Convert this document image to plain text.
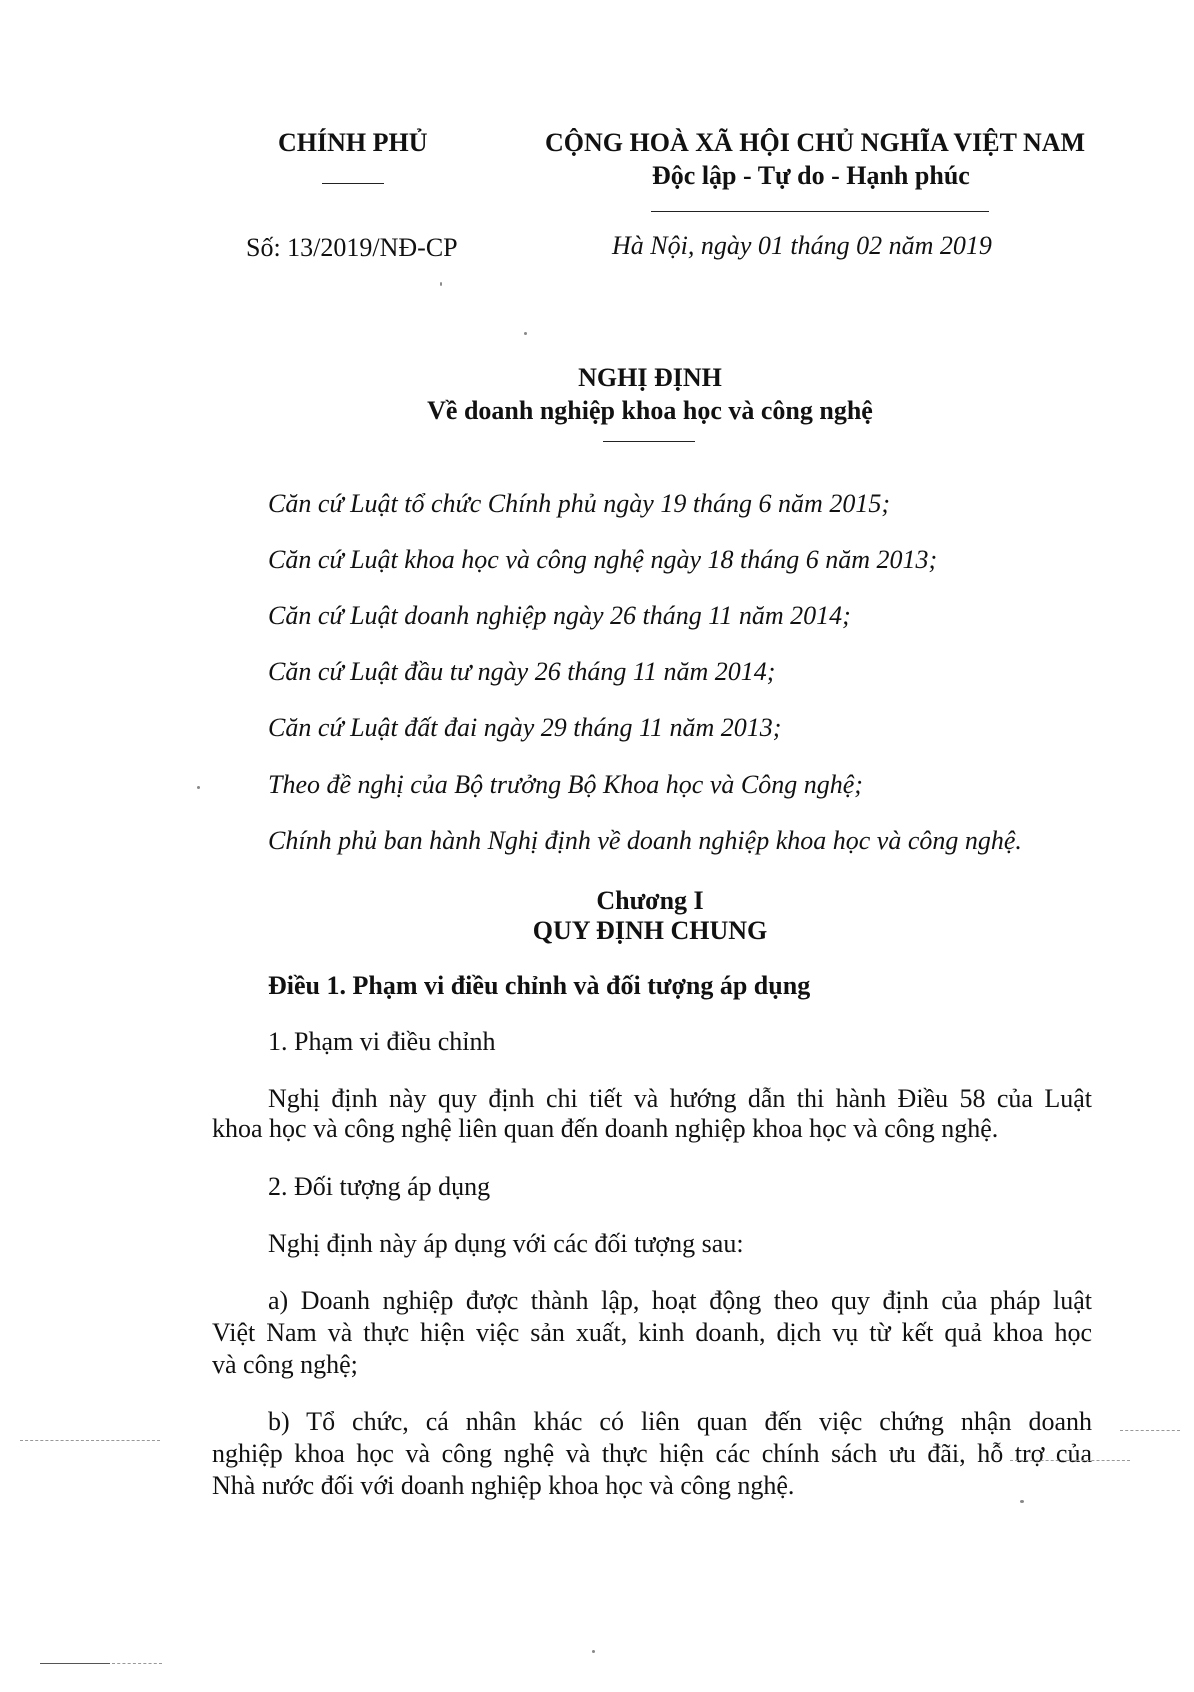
CHÍNH PHỦ	CỘNG HOÀ XÃ HỘI CHỦ NGHĨA VIỆT NAM
Độc lập - Tự do - Hạnh phúc
Số: 13/2019/NĐ-CP	Hà Nội, ngày 01 tháng 02 năm 2019
NGHỊ ĐỊNH
Về doanh nghiệp khoa học và công nghệ
Căn cứ Luật tổ chức Chính phủ ngày 19 tháng 6 năm 2015;
Căn cứ Luật khoa học và công nghệ ngày 18 tháng 6 năm 2013;
Căn cứ Luật doanh nghiệp ngày 26 tháng 11 năm 2014;
Căn cứ Luật đầu tư ngày 26 tháng 11 năm 2014;
Căn cứ Luật đất đai ngày 29 tháng 11 năm 2013;
Theo đề nghị của Bộ trưởng Bộ Khoa học và Công nghệ;
Chính phủ ban hành Nghị định về doanh nghiệp khoa học và công nghệ.
Chương I
QUY ĐỊNH CHUNG
Điều 1. Phạm vi điều chỉnh và đối tượng áp dụng
1. Phạm vi điều chỉnh
Nghị định này quy định chi tiết và hướng dẫn thi hành Điều 58 của Luật
khoa học và công nghệ liên quan đến doanh nghiệp khoa học và công nghệ.
2. Đối tượng áp dụng
Nghị định này áp dụng với các đối tượng sau:
a) Doanh nghiệp được thành lập, hoạt động theo quy định của pháp luật
Việt Nam và thực hiện việc sản xuất, kinh doanh, dịch vụ từ kết quả khoa học
và công nghệ;
b) Tổ chức, cá nhân khác có liên quan đến việc chứng nhận doanh
nghiệp khoa học và công nghệ và thực hiện các chính sách ưu đãi, hỗ trợ của
Nhà nước đối với doanh nghiệp khoa học và công nghệ.
